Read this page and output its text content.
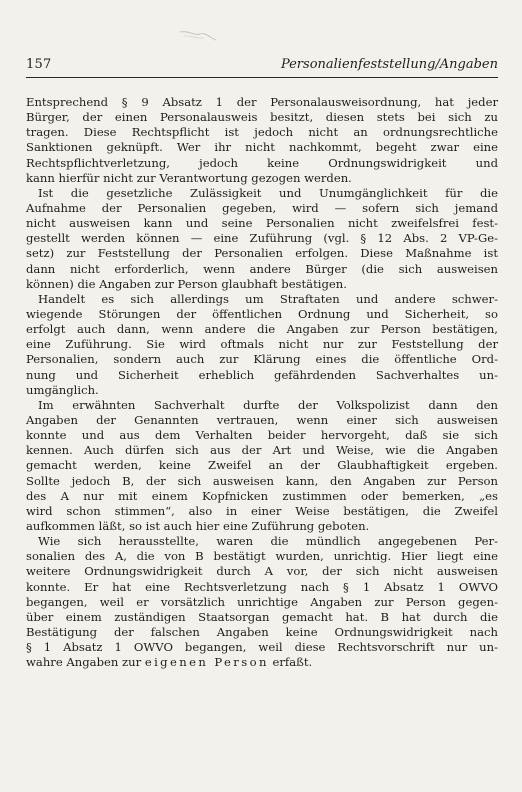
157	Personalienfeststellung/Angaben

Entsprechend § 9 Absatz 1 der Personalausweisordnung, hat jeder
Bürger, der einen Personalausweis besitzt, diesen stets bei sich zu
tragen. Diese Rechtspflicht ist jedoch nicht an ordnungsrechtliche
Sanktionen geknüpft. Wer ihr nicht nachkommt, begeht zwar eine
Rechtspflichtverletzung, jedoch keine Ordnungswidrigkeit und
kann hierfür nicht zur Verantwortung gezogen werden.

Ist die gesetzliche Zulässigkeit und Unumgänglichkeit für die
Aufnahme der Personalien gegeben, wird — sofern sich jemand
nicht ausweisen kann und seine Personalien nicht zweifelsfrei fest-
gestellt werden können — eine Zuführung (vgl. § 12 Abs. 2 VP-Ge-
setz) zur Feststellung der Personalien erfolgen. Diese Maßnahme ist
dann nicht erforderlich, wenn andere Bürger (die sich ausweisen
können) die Angaben zur Person glaubhaft bestätigen.

Handelt es sich allerdings um Straftaten und andere schwer-
wiegende Störungen der öffentlichen Ordnung und Sicherheit, so
erfolgt auch dann, wenn andere die Angaben zur Person bestätigen,
eine Zuführung. Sie wird oftmals nicht nur zur Feststellung der
Personalien, sondern auch zur Klärung eines die öffentliche Ord-
nung und Sicherheit erheblich gefährdenden Sachverhaltes un-
umgänglich.

Im erwähnten Sachverhalt durfte der Volkspolizist dann den
Angaben der Genannten vertrauen, wenn einer sich ausweisen
konnte und aus dem Verhalten beider hervorgeht, daß sie sich
kennen. Auch dürfen sich aus der Art und Weise, wie die Angaben
gemacht werden, keine Zweifel an der Glaubhaftigkeit ergeben.
Sollte jedoch B, der sich ausweisen kann, den Angaben zur Person
des A nur mit einem Kopfnicken zustimmen oder bemerken, „es
wird schon stimmen“, also in einer Weise bestätigen, die Zweifel
aufkommen läßt, so ist auch hier eine Zuführung geboten.

Wie sich herausstellte, waren die mündlich angegebenen Per-
sonalien des A, die von B bestätigt wurden, unrichtig. Hier liegt eine
weitere Ordnungswidrigkeit durch A vor, der sich nicht ausweisen
konnte. Er hat eine Rechtsverletzung nach § 1 Absatz 1 OWVO
begangen, weil er vorsätzlich unrichtige Angaben zur Person gegen-
über einem zuständigen Staatsorgan gemacht hat. B hat durch die
Bestätigung der falschen Angaben keine Ordnungswidrigkeit nach
§ 1 Absatz 1 OWVO begangen, weil diese Rechtsvorschrift nur un-
wahre Angaben zur eigenen Person erfaßt.
